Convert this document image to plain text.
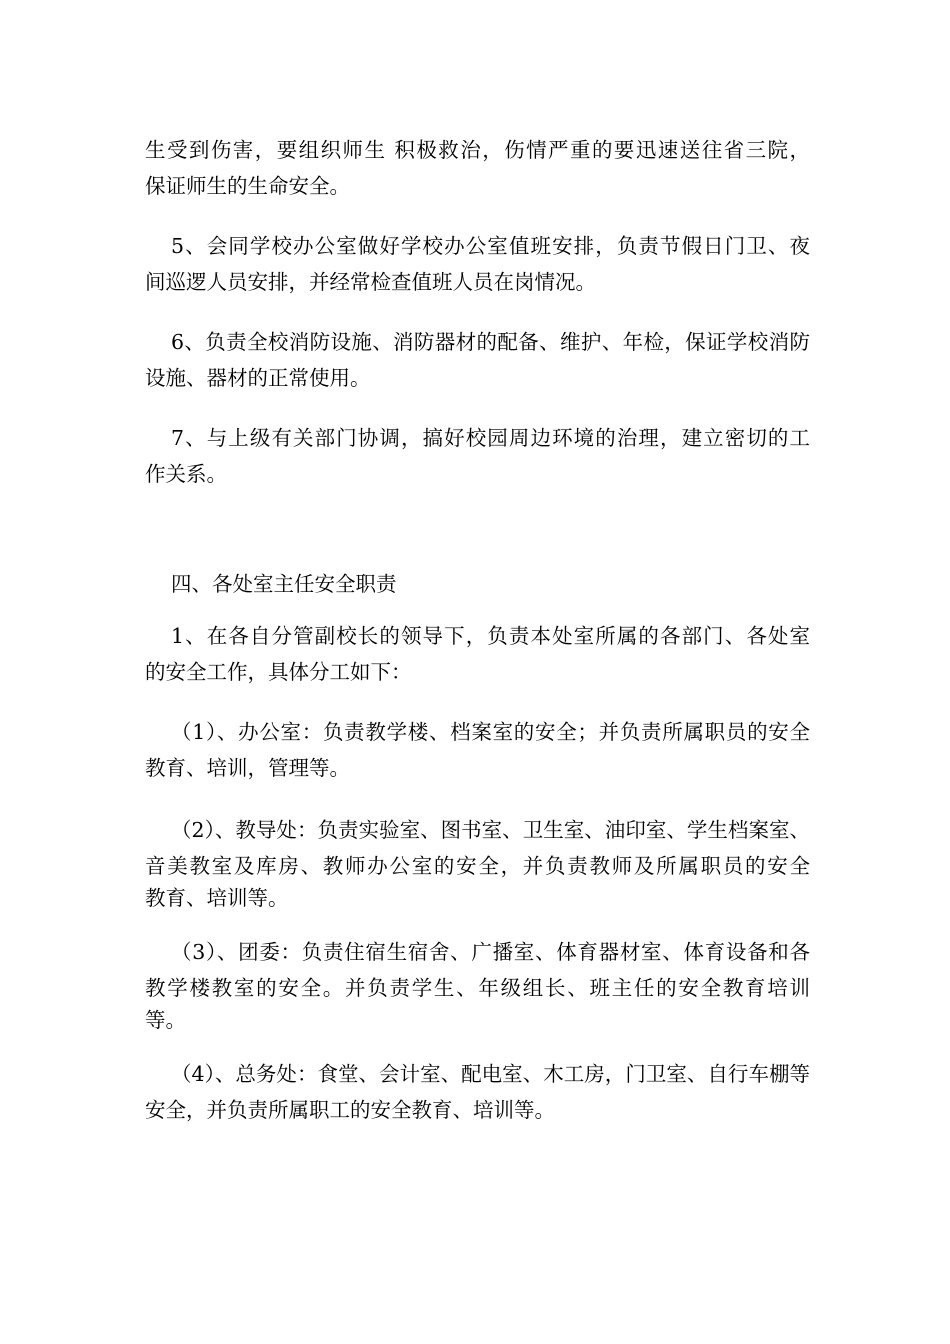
生受到伤害，要组织师生 积极救治，伤情严重的要迅速送往省三院，
保证师生的生命安全。

5、会同学校办公室做好学校办公室值班安排，负责节假日门卫、夜
间巡逻人员安排，并经常检查值班人员在岗情况。

6、负责全校消防设施、消防器材的配备、维护、年检，保证学校消防
设施、器材的正常使用。

7、与上级有关部门协调，搞好校园周边环境的治理，建立密切的工
作关系。

四、各处室主任安全职责

1、在各自分管副校长的领导下，负责本处室所属的各部门、各处室
的安全工作，具体分工如下：

（1）、办公室：负责教学楼、档案室的安全；并负责所属职员的安全
教育、培训，管理等。

（2）、教导处：负责实验室、图书室、卫生室、油印室、学生档案室、
音美教室及库房、教师办公室的安全，并负责教师及所属职员的安全
教育、培训等。

（3）、团委：负责住宿生宿舍、广播室、体育器材室、体育设备和各
教学楼教室的安全。并负责学生、年级组长、班主任的安全教育培训
等。

（4）、总务处：食堂、会计室、配电室、木工房，门卫室、自行车棚等
安全，并负责所属职工的安全教育、培训等。
